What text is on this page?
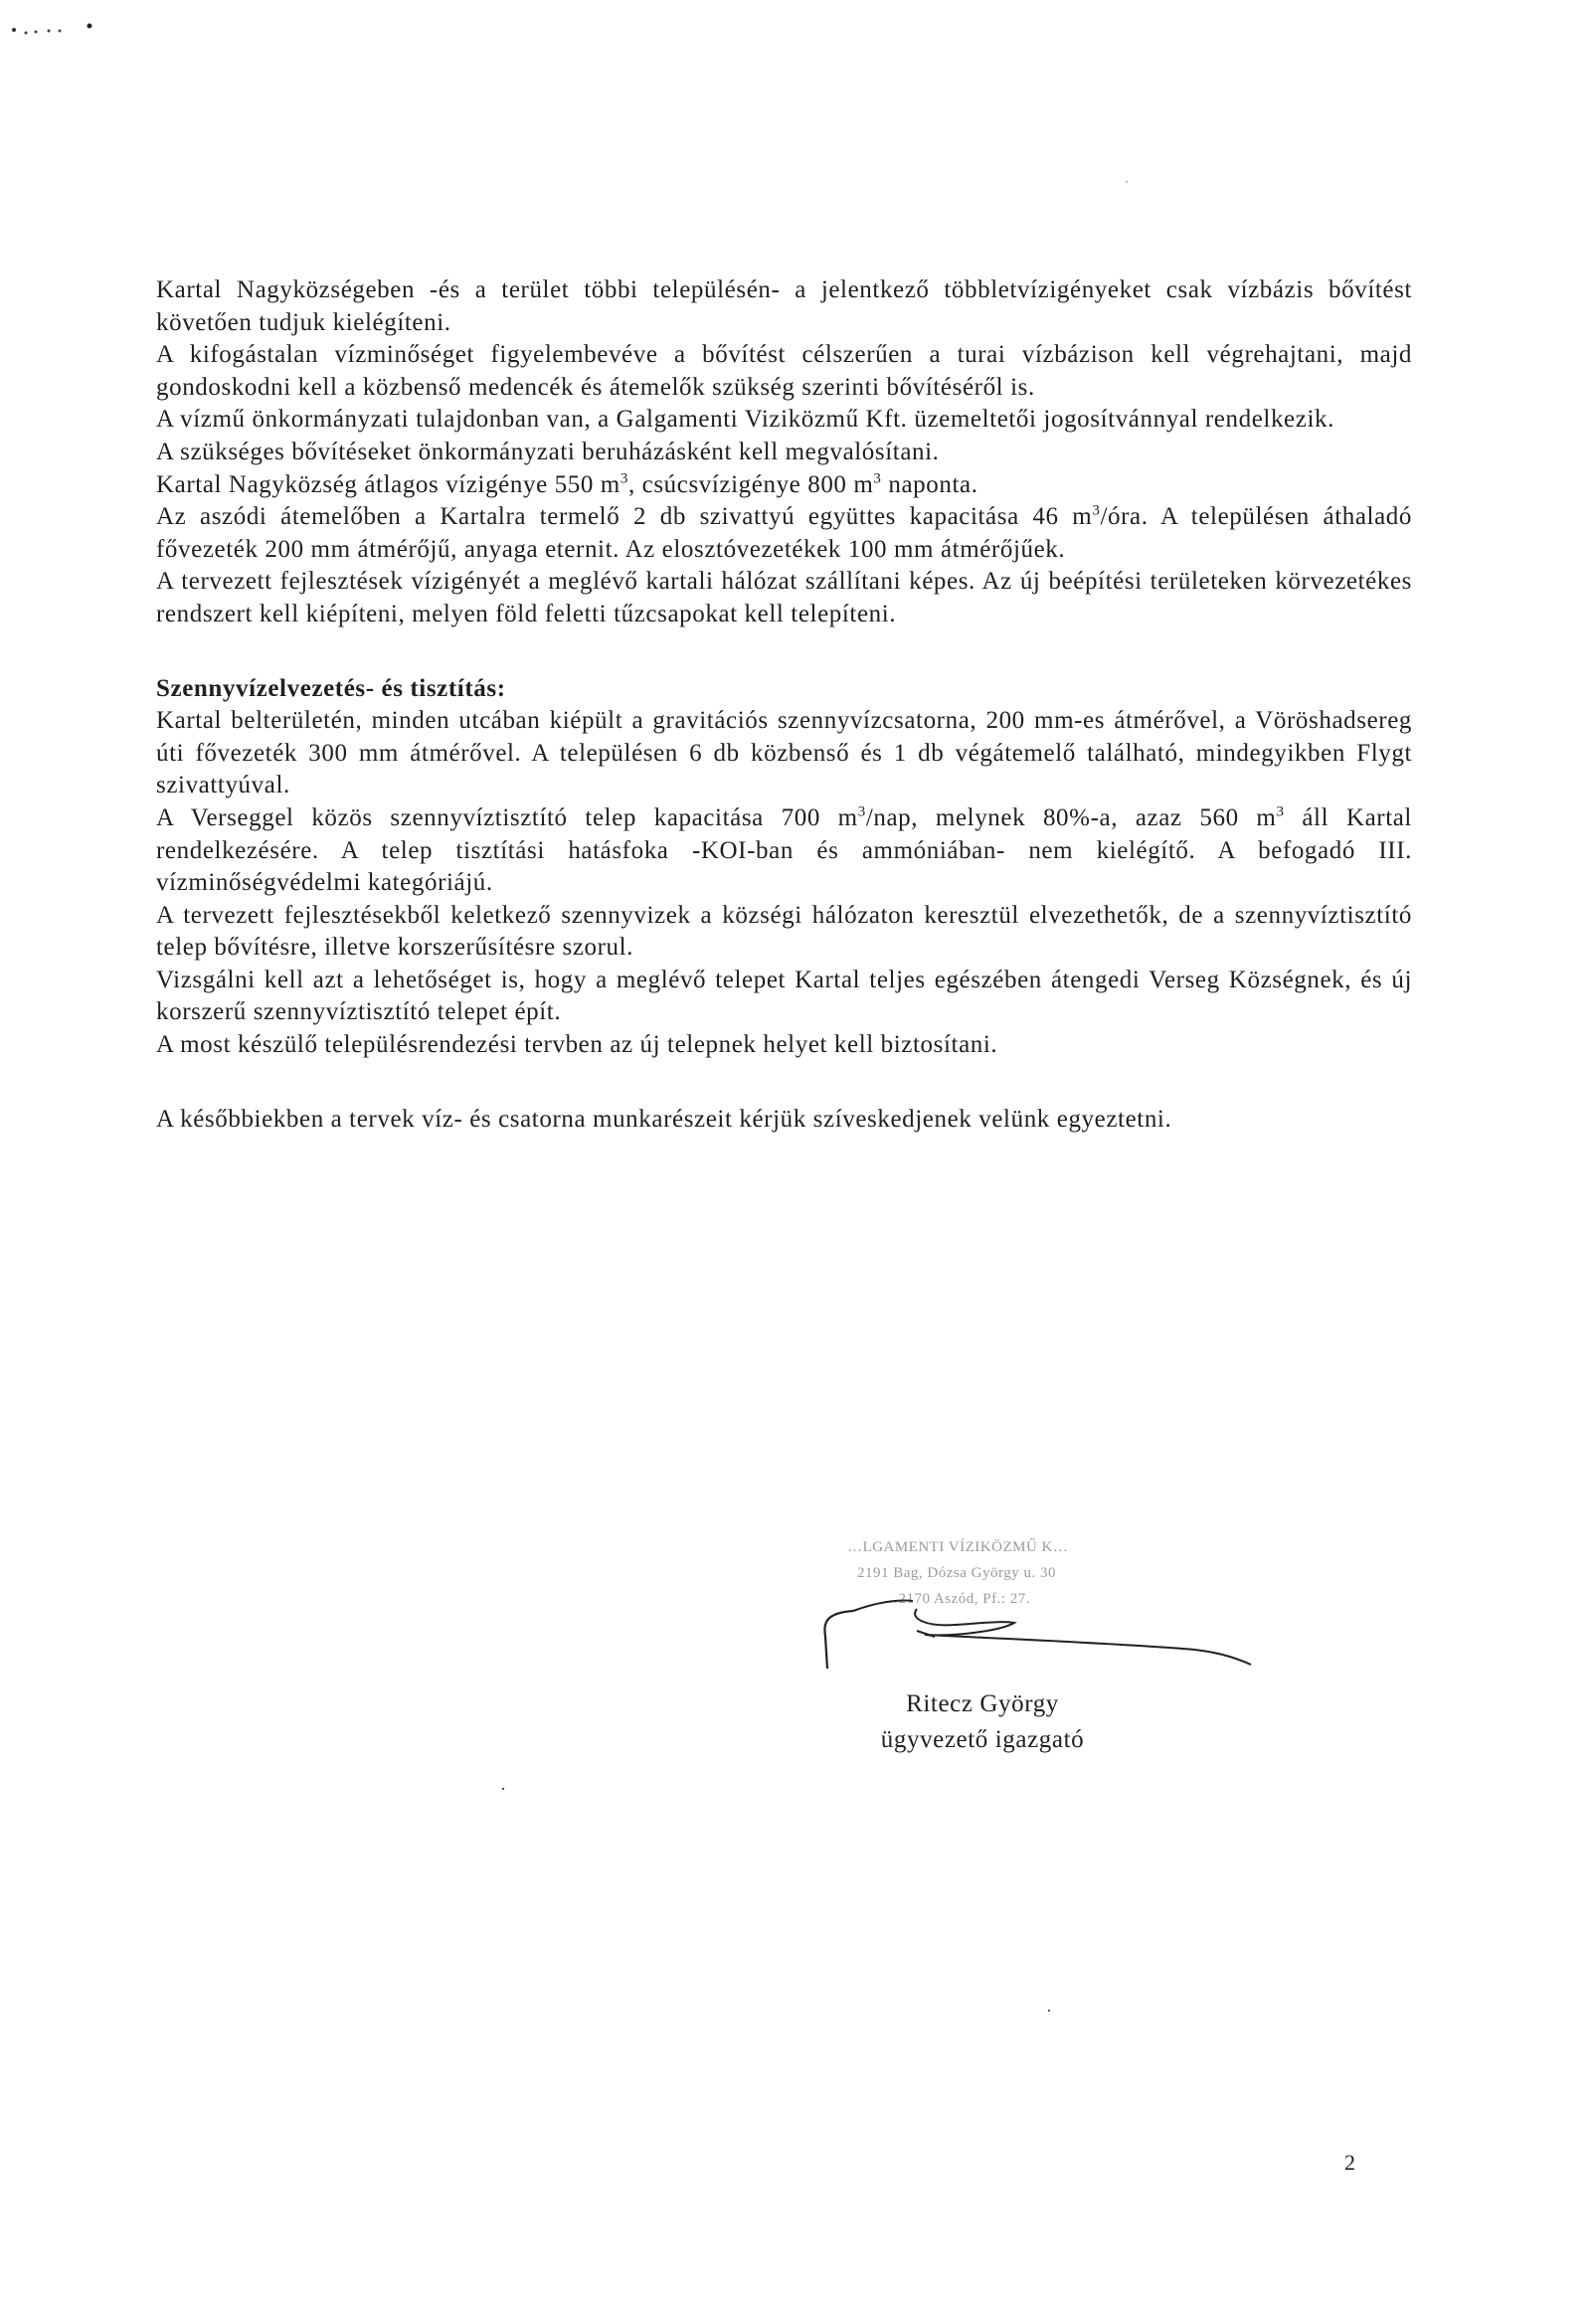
Kartal Nagyközségeben -és a terület többi településén- a jelentkező többletvízigényeket csak vízbázis bővítést követően tudjuk kielégíteni.

A kifogástalan vízminőséget figyelembevéve a bővítést célszerűen a turai vízbázison kell végrehajtani, majd gondoskodni kell a közbenső medencék és átemelők szükség szerinti bővítéséről is.

A vízmű önkormányzati tulajdonban van, a Galgamenti Viziközmű Kft. üzemeltetői jogosítvánnyal rendelkezik.

A szükséges bővítéseket önkormányzati beruházásként kell megvalósítani.

Kartal Nagyközség átlagos vízigénye 550 $m^3$, csúcsvízigénye 800 $m^3$ naponta.

Az aszódi átemelőben a Kartalra termelő 2 db szivattyú együttes kapacitása 46 $m^3$/óra. A településen áthaladó fővezeték 200 mm átmérőjű, anyaga eternit. Az elosztóvezetékek 100 mm átmérőjűek.

A tervezett fejlesztések vízigényét a meglévő kartali hálózat szállítani képes. Az új beépítési területeken körvezetékes rendszert kell kiépíteni, melyen föld feletti tűzcsapokat kell telepíteni.

Szennyvízelvezetés- és tisztítás:

Kartal belterületén, minden utcában kiépült a gravitációs szennyvízcsatorna, 200 mm-es átmérővel, a Vöröshadsereg úti fővezeték 300 mm átmérővel. A településen 6 db közbenső és 1 db végátemelő található, mindegyikben Flygt szivattyúval.

A Verseggel közös szennyvíztisztító telep kapacitása 700 $m^3$/nap, melynek 80%-a, azaz 560 $m^3$ áll Kartal rendelkezésére. A telep tisztítási hatásfoka -KOI-ban és ammóniában- nem kielégítő. A befogadó III. vízminőségvédelmi kategóriájú.

A tervezett fejlesztésekből keletkező szennyvizek a községi hálózaton keresztül elvezethetők, de a szennyvíztisztító telep bővítésre, illetve korszerűsítésre szorul.

Vizsgálni kell azt a lehetőséget is, hogy a meglévő telepet Kartal teljes egészében átengedi Verseg Községnek, és új korszerű szennyvíztisztító telepet épít.

A most készülő településrendezési tervben az új telepnek helyet kell biztosítani.

A későbbiekben a tervek víz- és csatorna munkarészeit kérjük szíveskedjenek velünk egyeztetni.

…LGAMENTI VÍZIKÖZMŰ K…
2191 Bag, Dózsa György u. 30
…2170 Aszód, Pf.: 27.
Ritecz György
ügyvezető igazgató
2
